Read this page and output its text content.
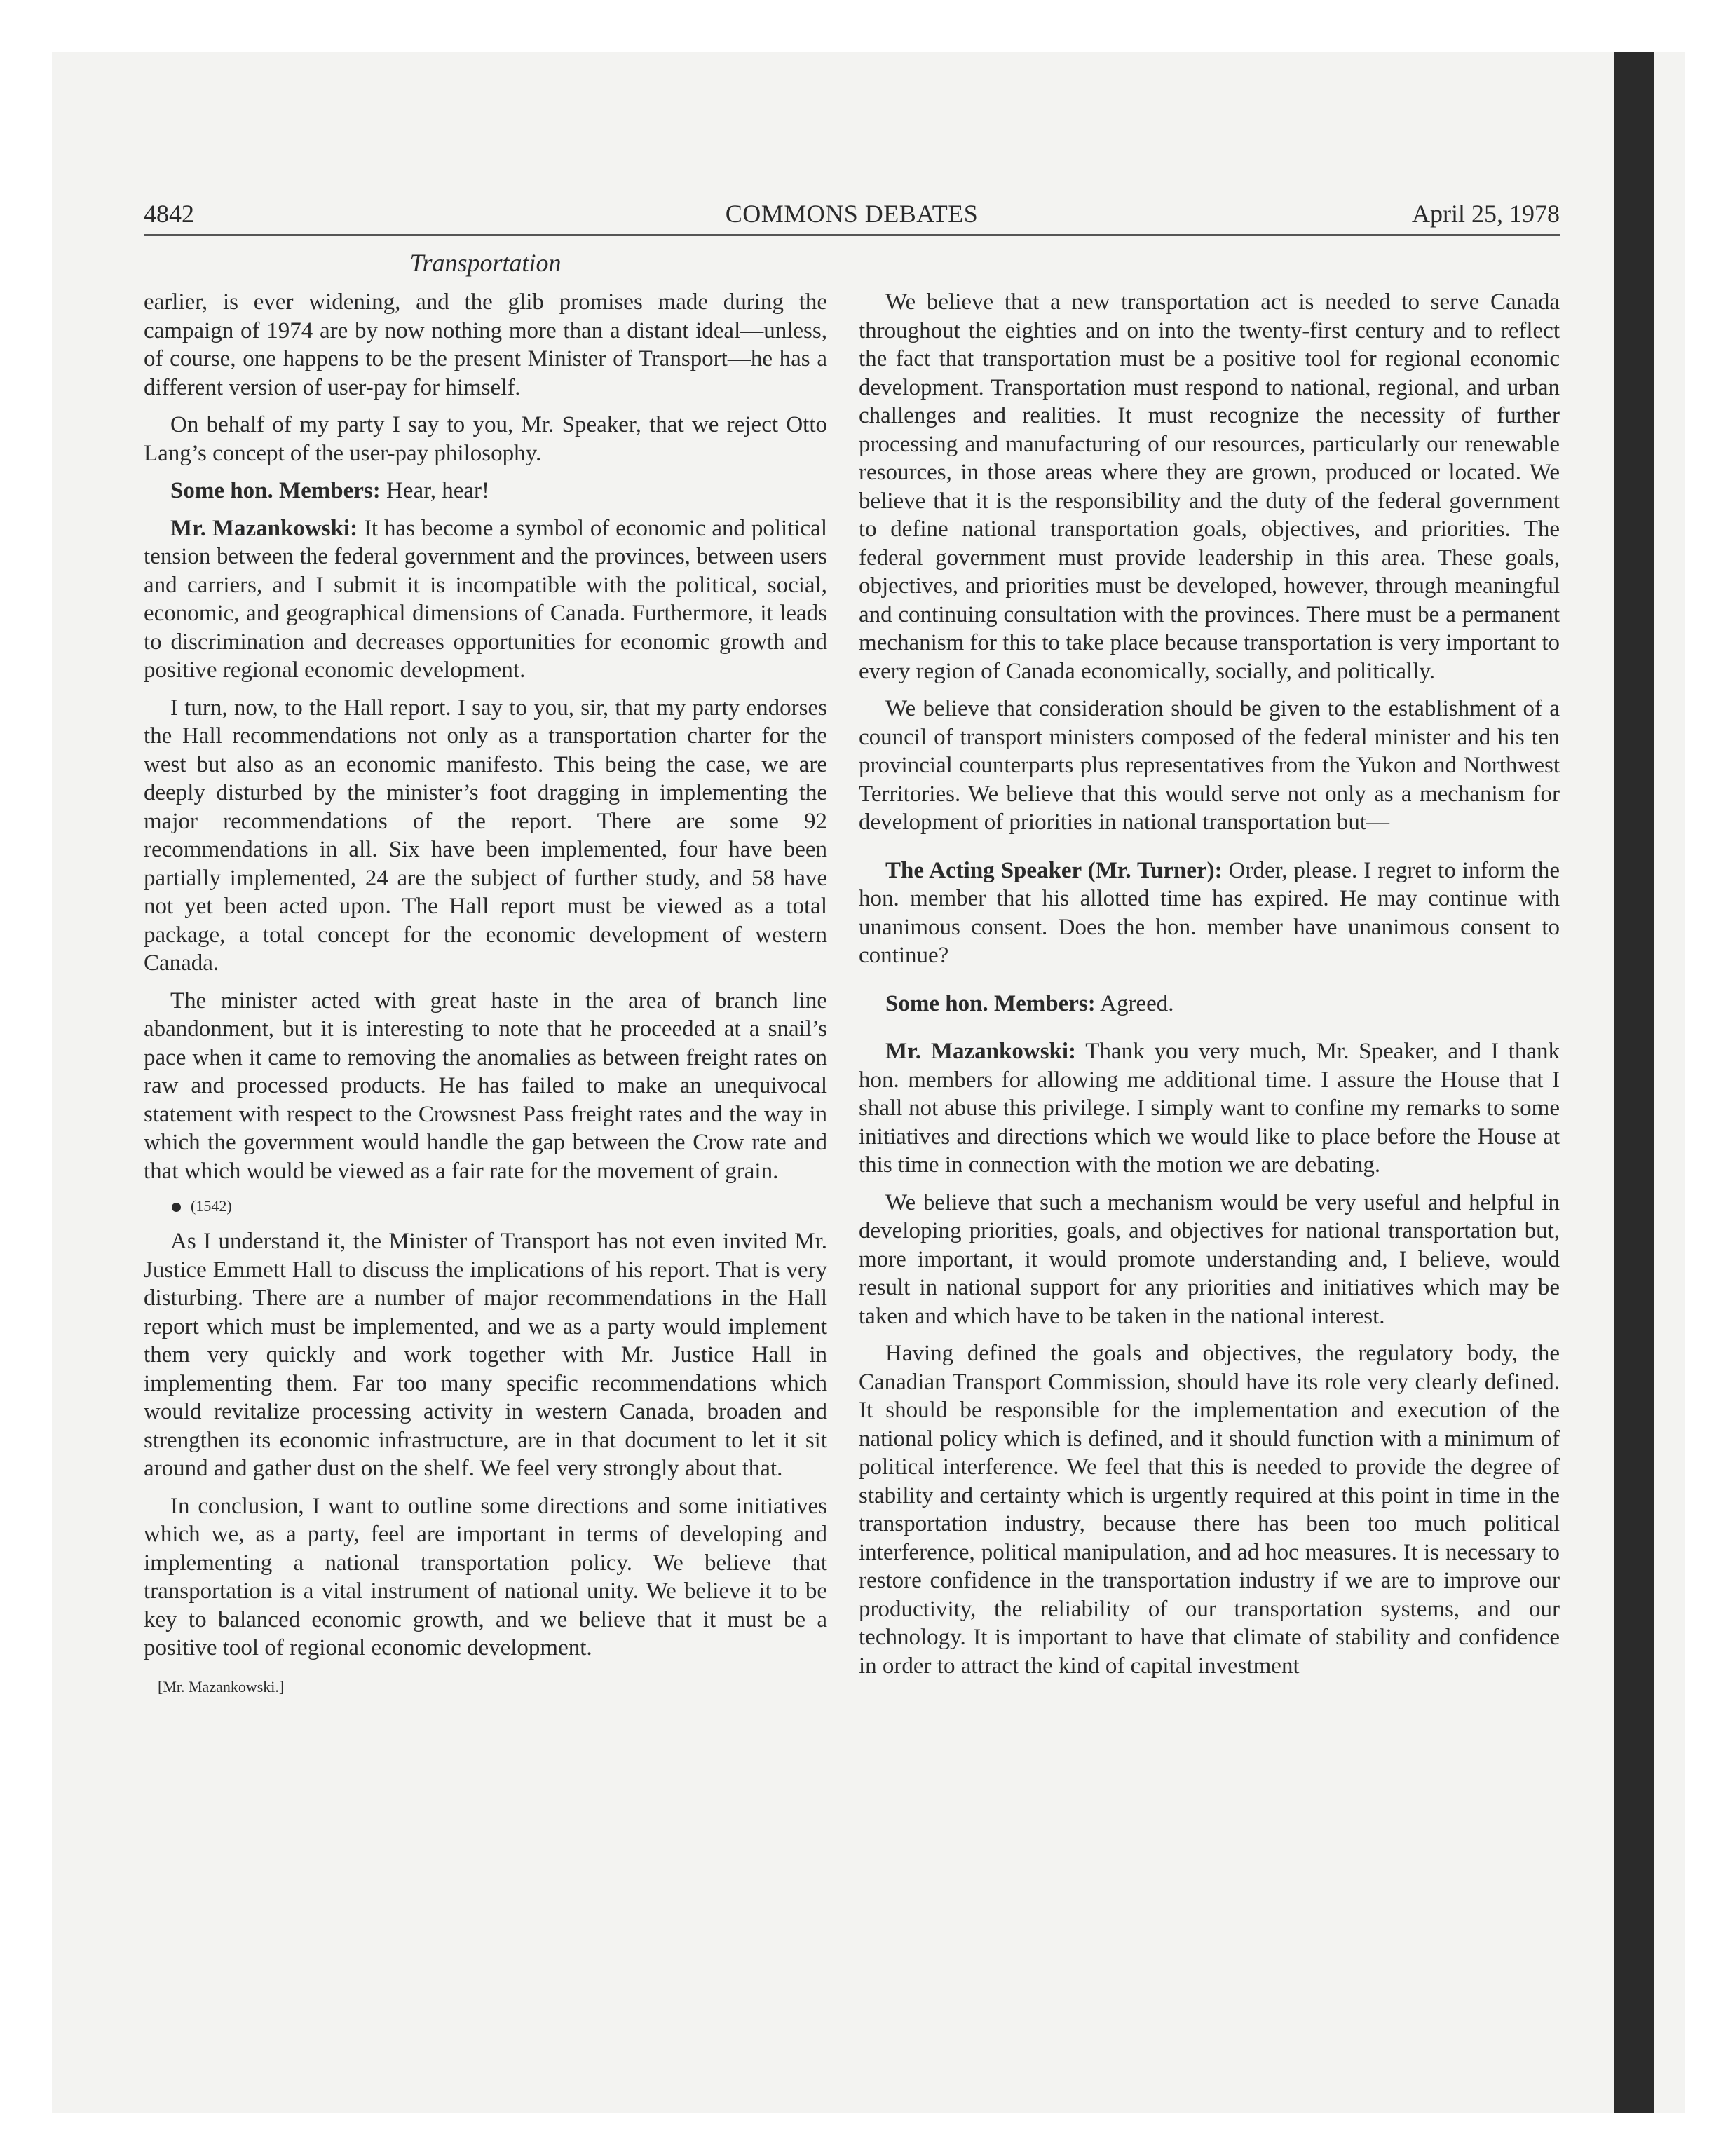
4842	COMMONS DEBATES	April 25, 1978
Transportation

earlier, is ever widening, and the glib promises made during the campaign of 1974 are by now nothing more than a distant ideal—unless, of course, one happens to be the present Minister of Transport—he has a different version of user-pay for himself.

On behalf of my party I say to you, Mr. Speaker, that we reject Otto Lang’s concept of the user-pay philosophy.

Some hon. Members: Hear, hear!

Mr. Mazankowski: It has become a symbol of economic and political tension between the federal government and the provinces, between users and carriers, and I submit it is incompatible with the political, social, economic, and geographical dimensions of Canada. Furthermore, it leads to discrimination and decreases opportunities for economic growth and positive regional economic development.

I turn, now, to the Hall report. I say to you, sir, that my party endorses the Hall recommendations not only as a transportation charter for the west but also as an economic manifesto. This being the case, we are deeply disturbed by the minister’s foot dragging in implementing the major recommendations of the report. There are some 92 recommendations in all. Six have been implemented, four have been partially implemented, 24 are the subject of further study, and 58 have not yet been acted upon. The Hall report must be viewed as a total package, a total concept for the economic development of western Canada.

The minister acted with great haste in the area of branch line abandonment, but it is interesting to note that he proceeded at a snail’s pace when it came to removing the anomalies as between freight rates on raw and processed products. He has failed to make an unequivocal statement with respect to the Crowsnest Pass freight rates and the way in which the government would handle the gap between the Crow rate and that which would be viewed as a fair rate for the movement of grain.

(1542)

As I understand it, the Minister of Transport has not even invited Mr. Justice Emmett Hall to discuss the implications of his report. That is very disturbing. There are a number of major recommendations in the Hall report which must be implemented, and we as a party would implement them very quickly and work together with Mr. Justice Hall in implementing them. Far too many specific recommendations which would revitalize processing activity in western Canada, broaden and strengthen its economic infrastructure, are in that document to let it sit around and gather dust on the shelf. We feel very strongly about that.

In conclusion, I want to outline some directions and some initiatives which we, as a party, feel are important in terms of developing and implementing a national transportation policy. We believe that transportation is a vital instrument of national unity. We believe it to be key to balanced economic growth, and we believe that it must be a positive tool of regional economic development.

[Mr. Mazankowski.]

We believe that a new transportation act is needed to serve Canada throughout the eighties and on into the twenty-first century and to reflect the fact that transportation must be a positive tool for regional economic development. Transportation must respond to national, regional, and urban challenges and realities. It must recognize the necessity of further processing and manufacturing of our resources, particularly our renewable resources, in those areas where they are grown, produced or located. We believe that it is the responsibility and the duty of the federal government to define national transportation goals, objectives, and priorities. The federal government must provide leadership in this area. These goals, objectives, and priorities must be developed, however, through meaningful and continuing consultation with the provinces. There must be a permanent mechanism for this to take place because transportation is very important to every region of Canada economically, socially, and politically.

We believe that consideration should be given to the establishment of a council of transport ministers composed of the federal minister and his ten provincial counterparts plus representatives from the Yukon and Northwest Territories. We believe that this would serve not only as a mechanism for development of priorities in national transportation but—

The Acting Speaker (Mr. Turner): Order, please. I regret to inform the hon. member that his allotted time has expired. He may continue with unanimous consent. Does the hon. member have unanimous consent to continue?

Some hon. Members: Agreed.

Mr. Mazankowski: Thank you very much, Mr. Speaker, and I thank hon. members for allowing me additional time. I assure the House that I shall not abuse this privilege. I simply want to confine my remarks to some initiatives and directions which we would like to place before the House at this time in connection with the motion we are debating.

We believe that such a mechanism would be very useful and helpful in developing priorities, goals, and objectives for national transportation but, more important, it would promote understanding and, I believe, would result in national support for any priorities and initiatives which may be taken and which have to be taken in the national interest.

Having defined the goals and objectives, the regulatory body, the Canadian Transport Commission, should have its role very clearly defined. It should be responsible for the implementation and execution of the national policy which is defined, and it should function with a minimum of political interference. We feel that this is needed to provide the degree of stability and certainty which is urgently required at this point in time in the transportation industry, because there has been too much political interference, political manipulation, and ad hoc measures. It is necessary to restore confidence in the transportation industry if we are to improve our productivity, the reliability of our transportation systems, and our technology. It is important to have that climate of stability and confidence in order to attract the kind of capital investment
